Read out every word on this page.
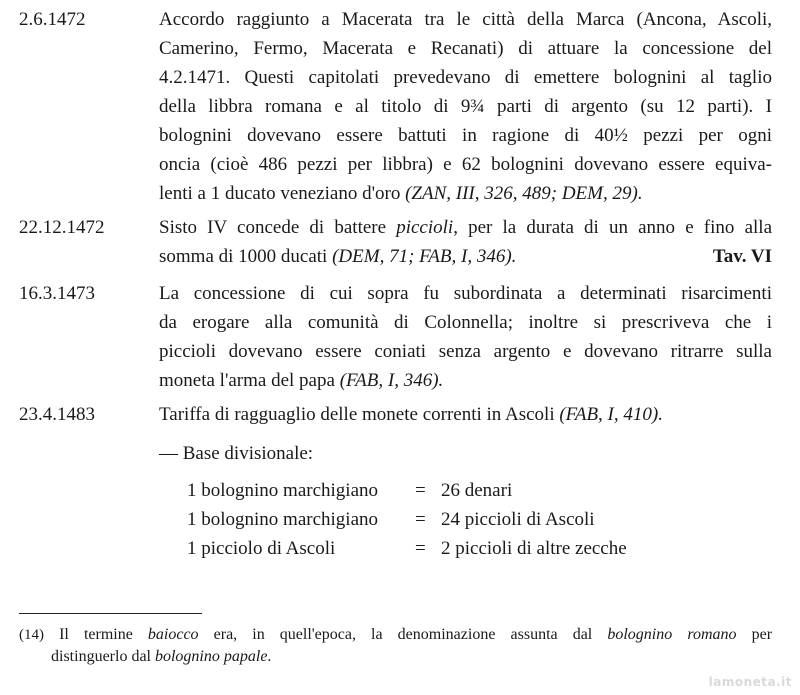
2.6.1472	Accordo raggiunto a Macerata tra le città della Marca (Ancona, Ascoli,
Camerino, Fermo, Macerata e Recanati) di attuare la concessione del
4.2.1471. Questi capitolati prevedevano di emettere bolognini al taglio
della libbra romana e al titolo di 9¾ parti di argento (su 12 parti). I
bolognini dovevano essere battuti in ragione di 40½ pezzi per ogni
oncia (cioè 486 pezzi per libbra) e 62 bolognini dovevano essere equiva-
lenti a 1 ducato veneziano d'oro (ZAN, III, 326, 489; DEM, 29).
22.12.1472	Sisto IV concede di battere piccioli, per la durata di un anno e fino alla
somma di 1000 ducati (DEM, 71; FAB, I, 346).	Tav. VI
16.3.1473	La concessione di cui sopra fu subordinata a determinati risarcimenti
da erogare alla comunità di Colonnella; inoltre si prescriveva che i
piccioli dovevano essere coniati senza argento e dovevano ritrarre sulla
moneta l'arma del papa (FAB, I, 346).
23.4.1483	Tariffa di ragguaglio delle monete correnti in Ascoli (FAB, I, 410).
— Base divisionale:
1 bolognino marchigiano	= 26 denari
1 bolognino marchigiano	= 24 piccioli di Ascoli
1 picciolo di Ascoli	= 2 piccioli di altre zecche
(14) Il termine baiocco era, in quell'epoca, la denominazione assunta dal bolognino romano per
distinguerlo dal bolognino papale.
lamoneta.it
